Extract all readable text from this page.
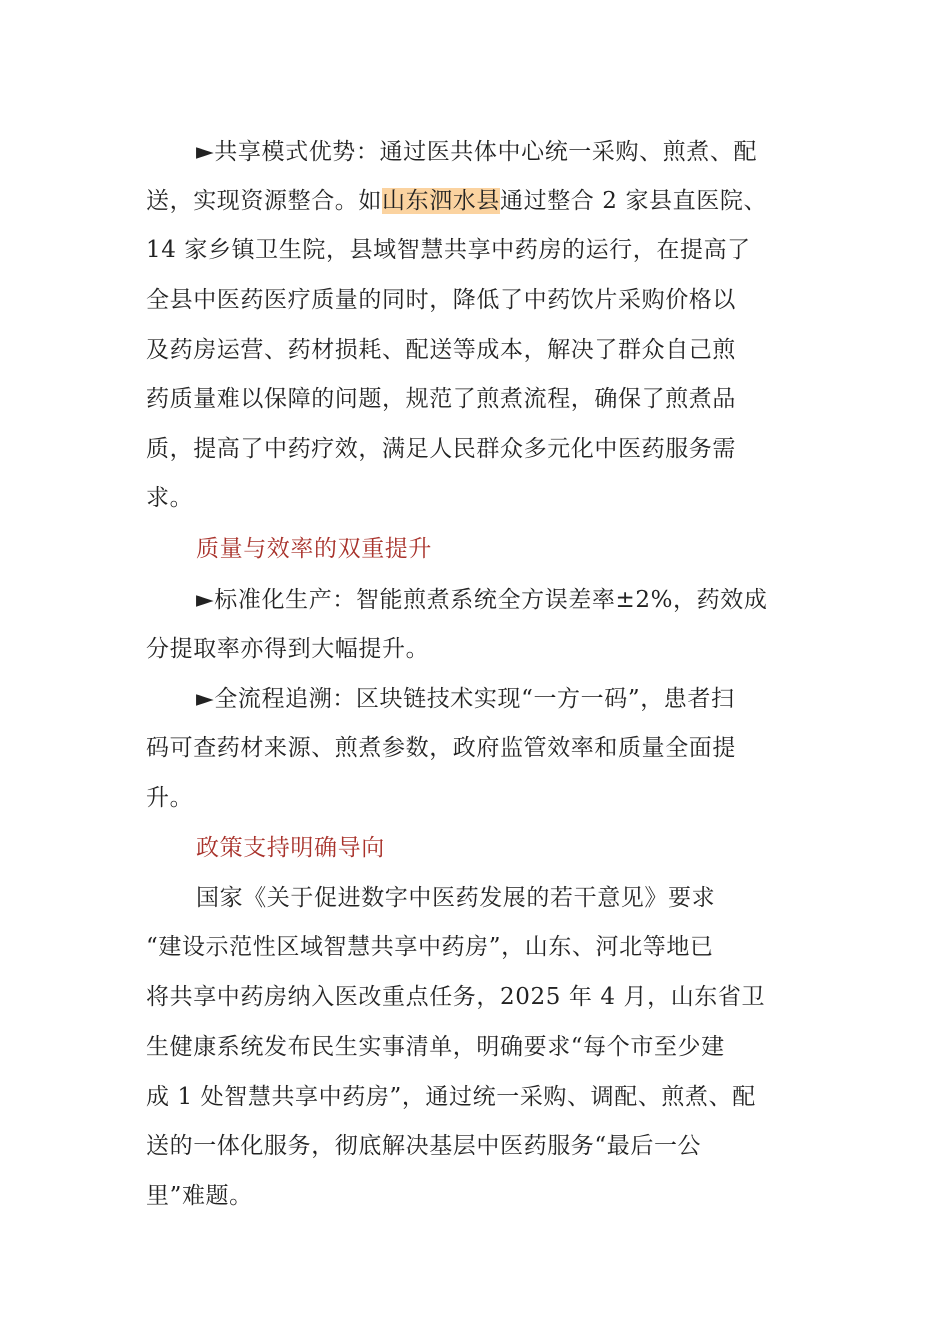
►共享模式优势：通过医共体中心统一采购、煎煮、配
送，实现资源整合。如山东泗水县通过整合 2 家县直医院、
14 家乡镇卫生院，县域智慧共享中药房的运行，在提高了
全县中医药医疗质量的同时，降低了中药饮片采购价格以
及药房运营、药材损耗、配送等成本，解决了群众自己煎
药质量难以保障的问题，规范了煎煮流程，确保了煎煮品
质，提高了中药疗效，满足人民群众多元化中医药服务需
求。
质量与效率的双重提升
►标准化生产：智能煎煮系统全方误差率±2%，药效成
分提取率亦得到大幅提升。
►全流程追溯：区块链技术实现“一方一码”，患者扫
码可查药材来源、煎煮参数，政府监管效率和质量全面提
升。
政策支持明确导向
国家《关于促进数字中医药发展的若干意见》要求
“建设示范性区域智慧共享中药房”，山东、河北等地已
将共享中药房纳入医改重点任务，2025 年 4 月，山东省卫
生健康系统发布民生实事清单，明确要求“每个市至少建
成 1 处智慧共享中药房”，通过统一采购、调配、煎煮、配
送的一体化服务，彻底解决基层中医药服务“最后一公
里”难题。
